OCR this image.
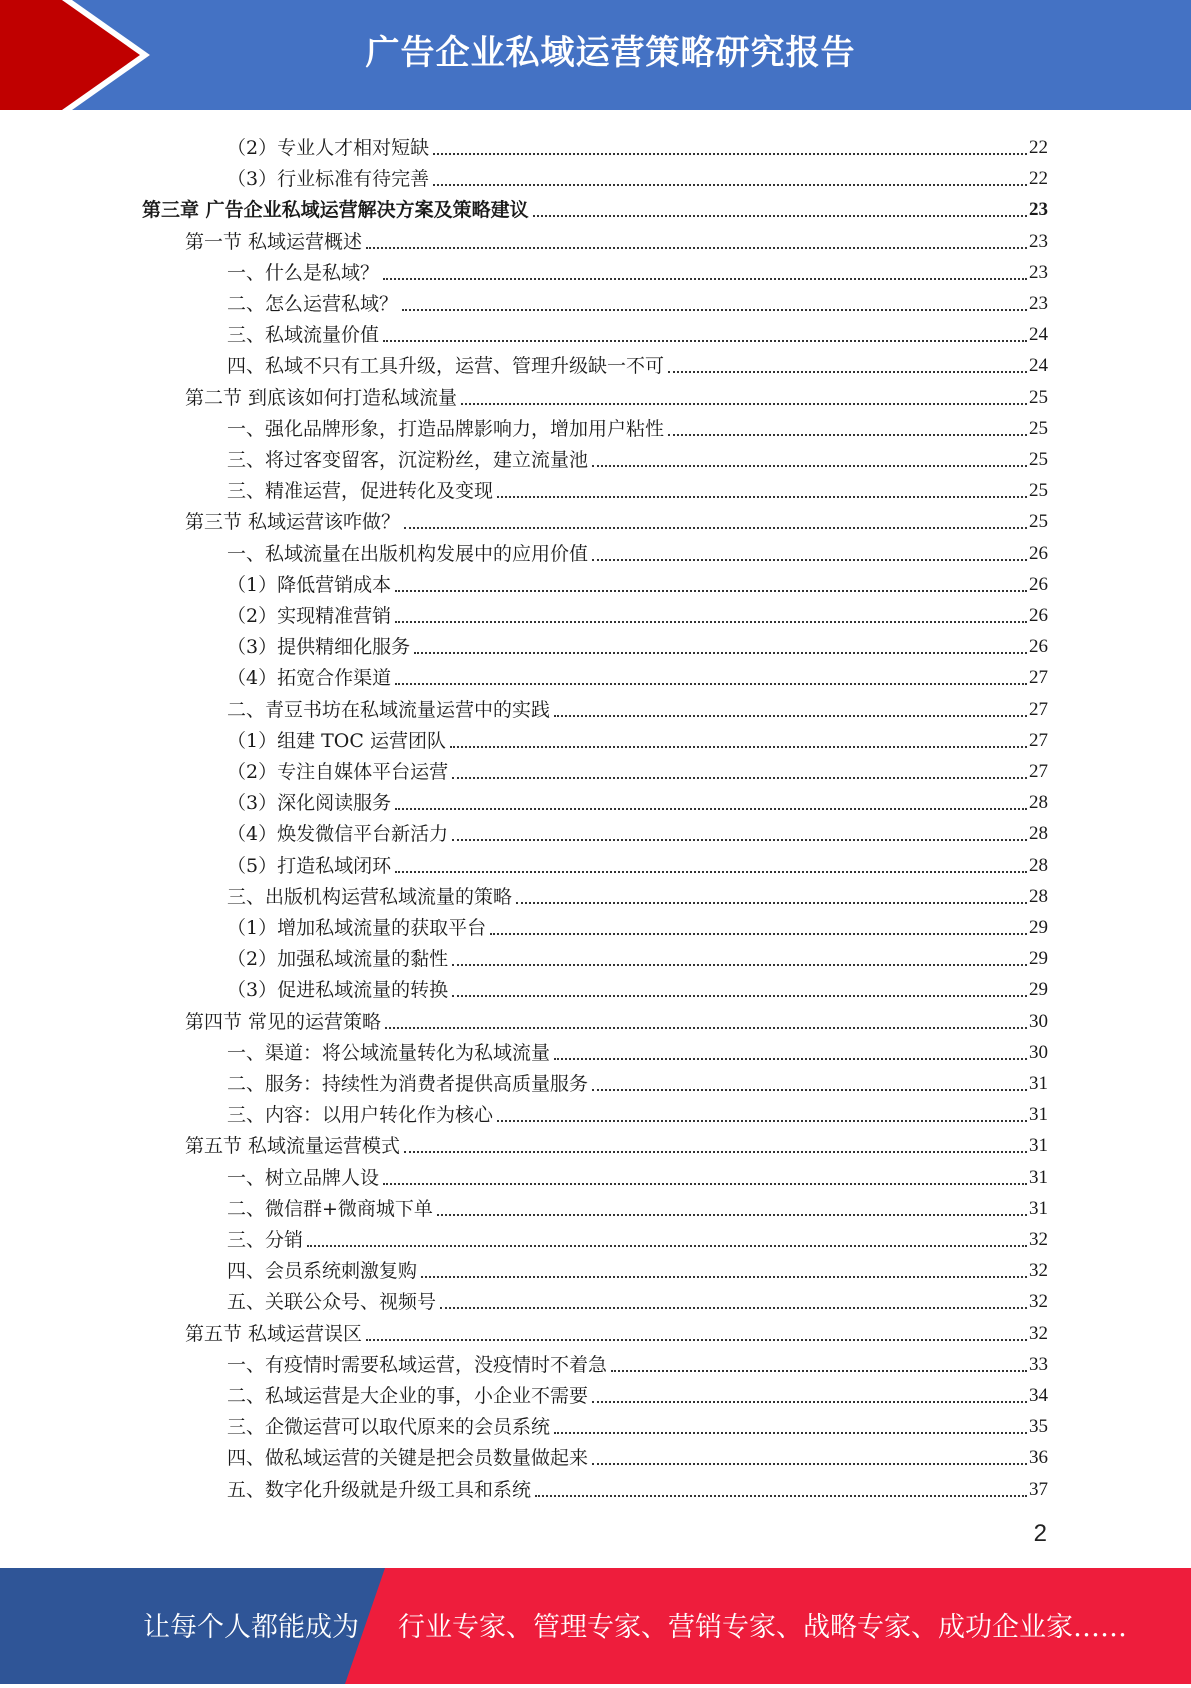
广告企业私域运营策略研究报告
（2）专业人才相对短缺	22
（3）行业标准有待完善	22
第三章 广告企业私域运营解决方案及策略建议	23
第一节 私域运营概述	23
一、什么是私域？	23
二、怎么运营私域？	23
三、私域流量价值	24
四、私域不只有工具升级，运营、管理升级缺一不可	24
第二节 到底该如何打造私域流量	25
一、强化品牌形象，打造品牌影响力，增加用户粘性	25
三、将过客变留客，沉淀粉丝，建立流量池	25
三、精准运营，促进转化及变现	25
第三节 私域运营该咋做？	25
一、私域流量在出版机构发展中的应用价值	26
（1）降低营销成本	26
（2）实现精准营销	26
（3）提供精细化服务	26
（4）拓宽合作渠道	27
二、青豆书坊在私域流量运营中的实践	27
（1）组建 TOC 运营团队	27
（2）专注自媒体平台运营	27
（3）深化阅读服务	28
（4）焕发微信平台新活力	28
（5）打造私域闭环	28
三、出版机构运营私域流量的策略	28
（1）增加私域流量的获取平台	29
（2）加强私域流量的黏性	29
（3）促进私域流量的转换	29
第四节 常见的运营策略	30
一、渠道：将公域流量转化为私域流量	30
二、服务：持续性为消费者提供高质量服务	31
三、内容：以用户转化作为核心	31
第五节 私域流量运营模式	31
一、树立品牌人设	31
二、微信群+微商城下单	31
三、分销	32
四、会员系统刺激复购	32
五、关联公众号、视频号	32
第五节 私域运营误区	32
一、有疫情时需要私域运营，没疫情时不着急	33
二、私域运营是大企业的事，小企业不需要	34
三、企微运营可以取代原来的会员系统	35
四、做私域运营的关键是把会员数量做起来	36
五、数字化升级就是升级工具和系统	37
2
让每个人都能成为 行业专家、管理专家、营销专家、战略专家、成功企业家……
